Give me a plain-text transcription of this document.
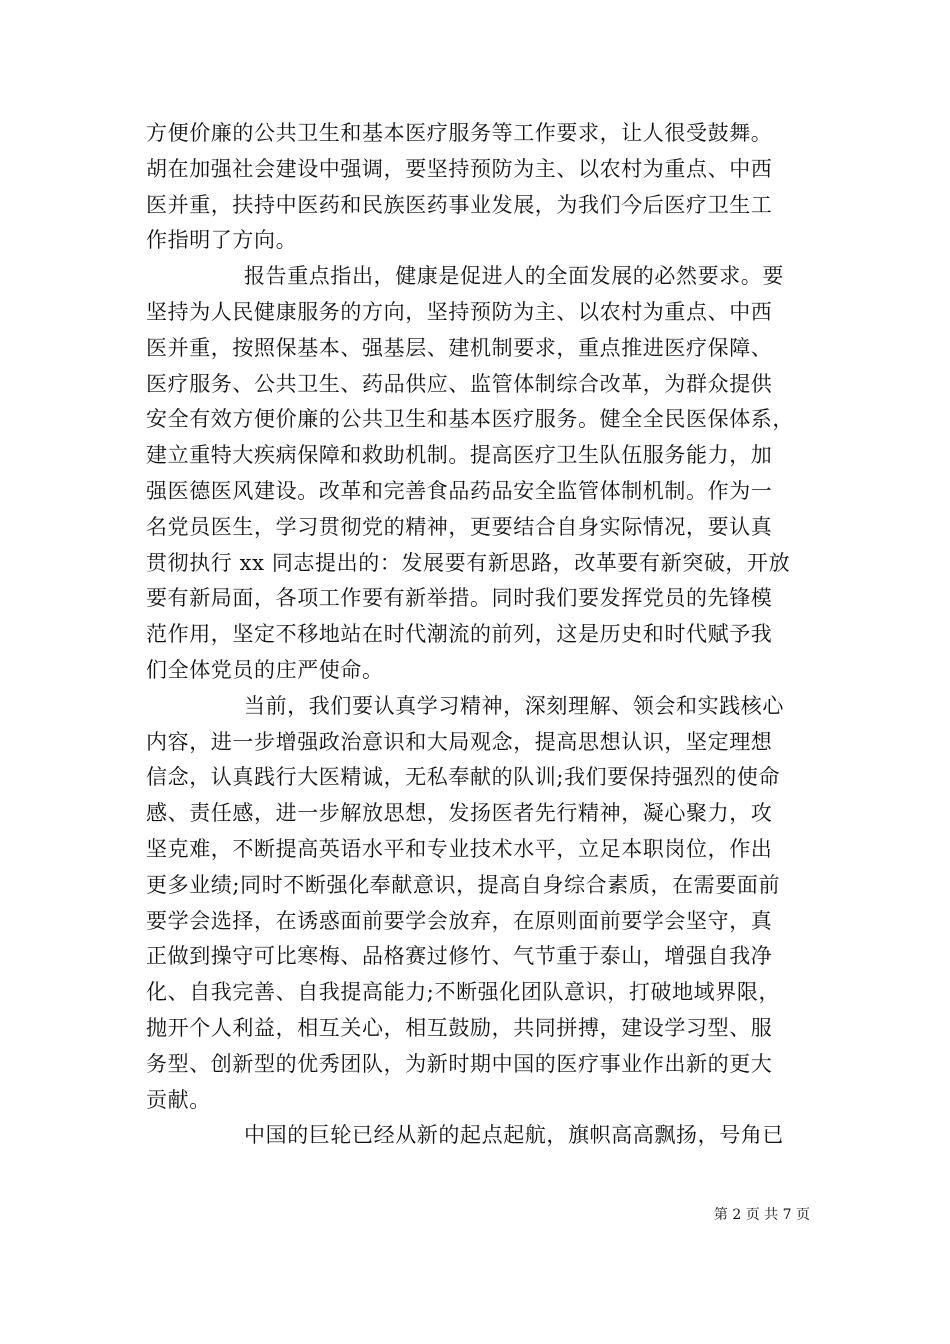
方便价廉的公共卫生和基本医疗服务等工作要求，让人很受鼓舞。
胡在加强社会建设中强调，要坚持预防为主、以农村为重点、中西
医并重，扶持中医药和民族医药事业发展，为我们今后医疗卫生工
作指明了方向。
报告重点指出，健康是促进人的全面发展的必然要求。要
坚持为人民健康服务的方向，坚持预防为主、以农村为重点、中西
医并重，按照保基本、强基层、建机制要求，重点推进医疗保障、
医疗服务、公共卫生、药品供应、监管体制综合改革，为群众提供
安全有效方便价廉的公共卫生和基本医疗服务。健全全民医保体系，
建立重特大疾病保障和救助机制。提高医疗卫生队伍服务能力，加
强医德医风建设。改革和完善食品药品安全监管体制机制。作为一
名党员医生，学习贯彻党的精神，更要结合自身实际情况，要认真
贯彻执行 xx 同志提出的：发展要有新思路，改革要有新突破，开放
要有新局面，各项工作要有新举措。同时我们要发挥党员的先锋模
范作用，坚定不移地站在时代潮流的前列，这是历史和时代赋予我
们全体党员的庄严使命。
当前，我们要认真学习精神，深刻理解、领会和实践核心
内容，进一步增强政治意识和大局观念，提高思想认识，坚定理想
信念，认真践行大医精诚，无私奉献的队训;我们要保持强烈的使命
感、责任感，进一步解放思想，发扬医者先行精神，凝心聚力，攻
坚克难，不断提高英语水平和专业技术水平，立足本职岗位，作出
更多业绩;同时不断强化奉献意识，提高自身综合素质，在需要面前
要学会选择，在诱惑面前要学会放弃，在原则面前要学会坚守，真
正做到操守可比寒梅、品格赛过修竹、气节重于泰山，增强自我净
化、自我完善、自我提高能力;不断强化团队意识，打破地域界限，
抛开个人利益，相互关心，相互鼓励，共同拼搏，建设学习型、服
务型、创新型的优秀团队，为新时期中国的医疗事业作出新的更大
贡献。
中国的巨轮已经从新的起点起航，旗帜高高飘扬，号角已
第 2 页 共 7 页
